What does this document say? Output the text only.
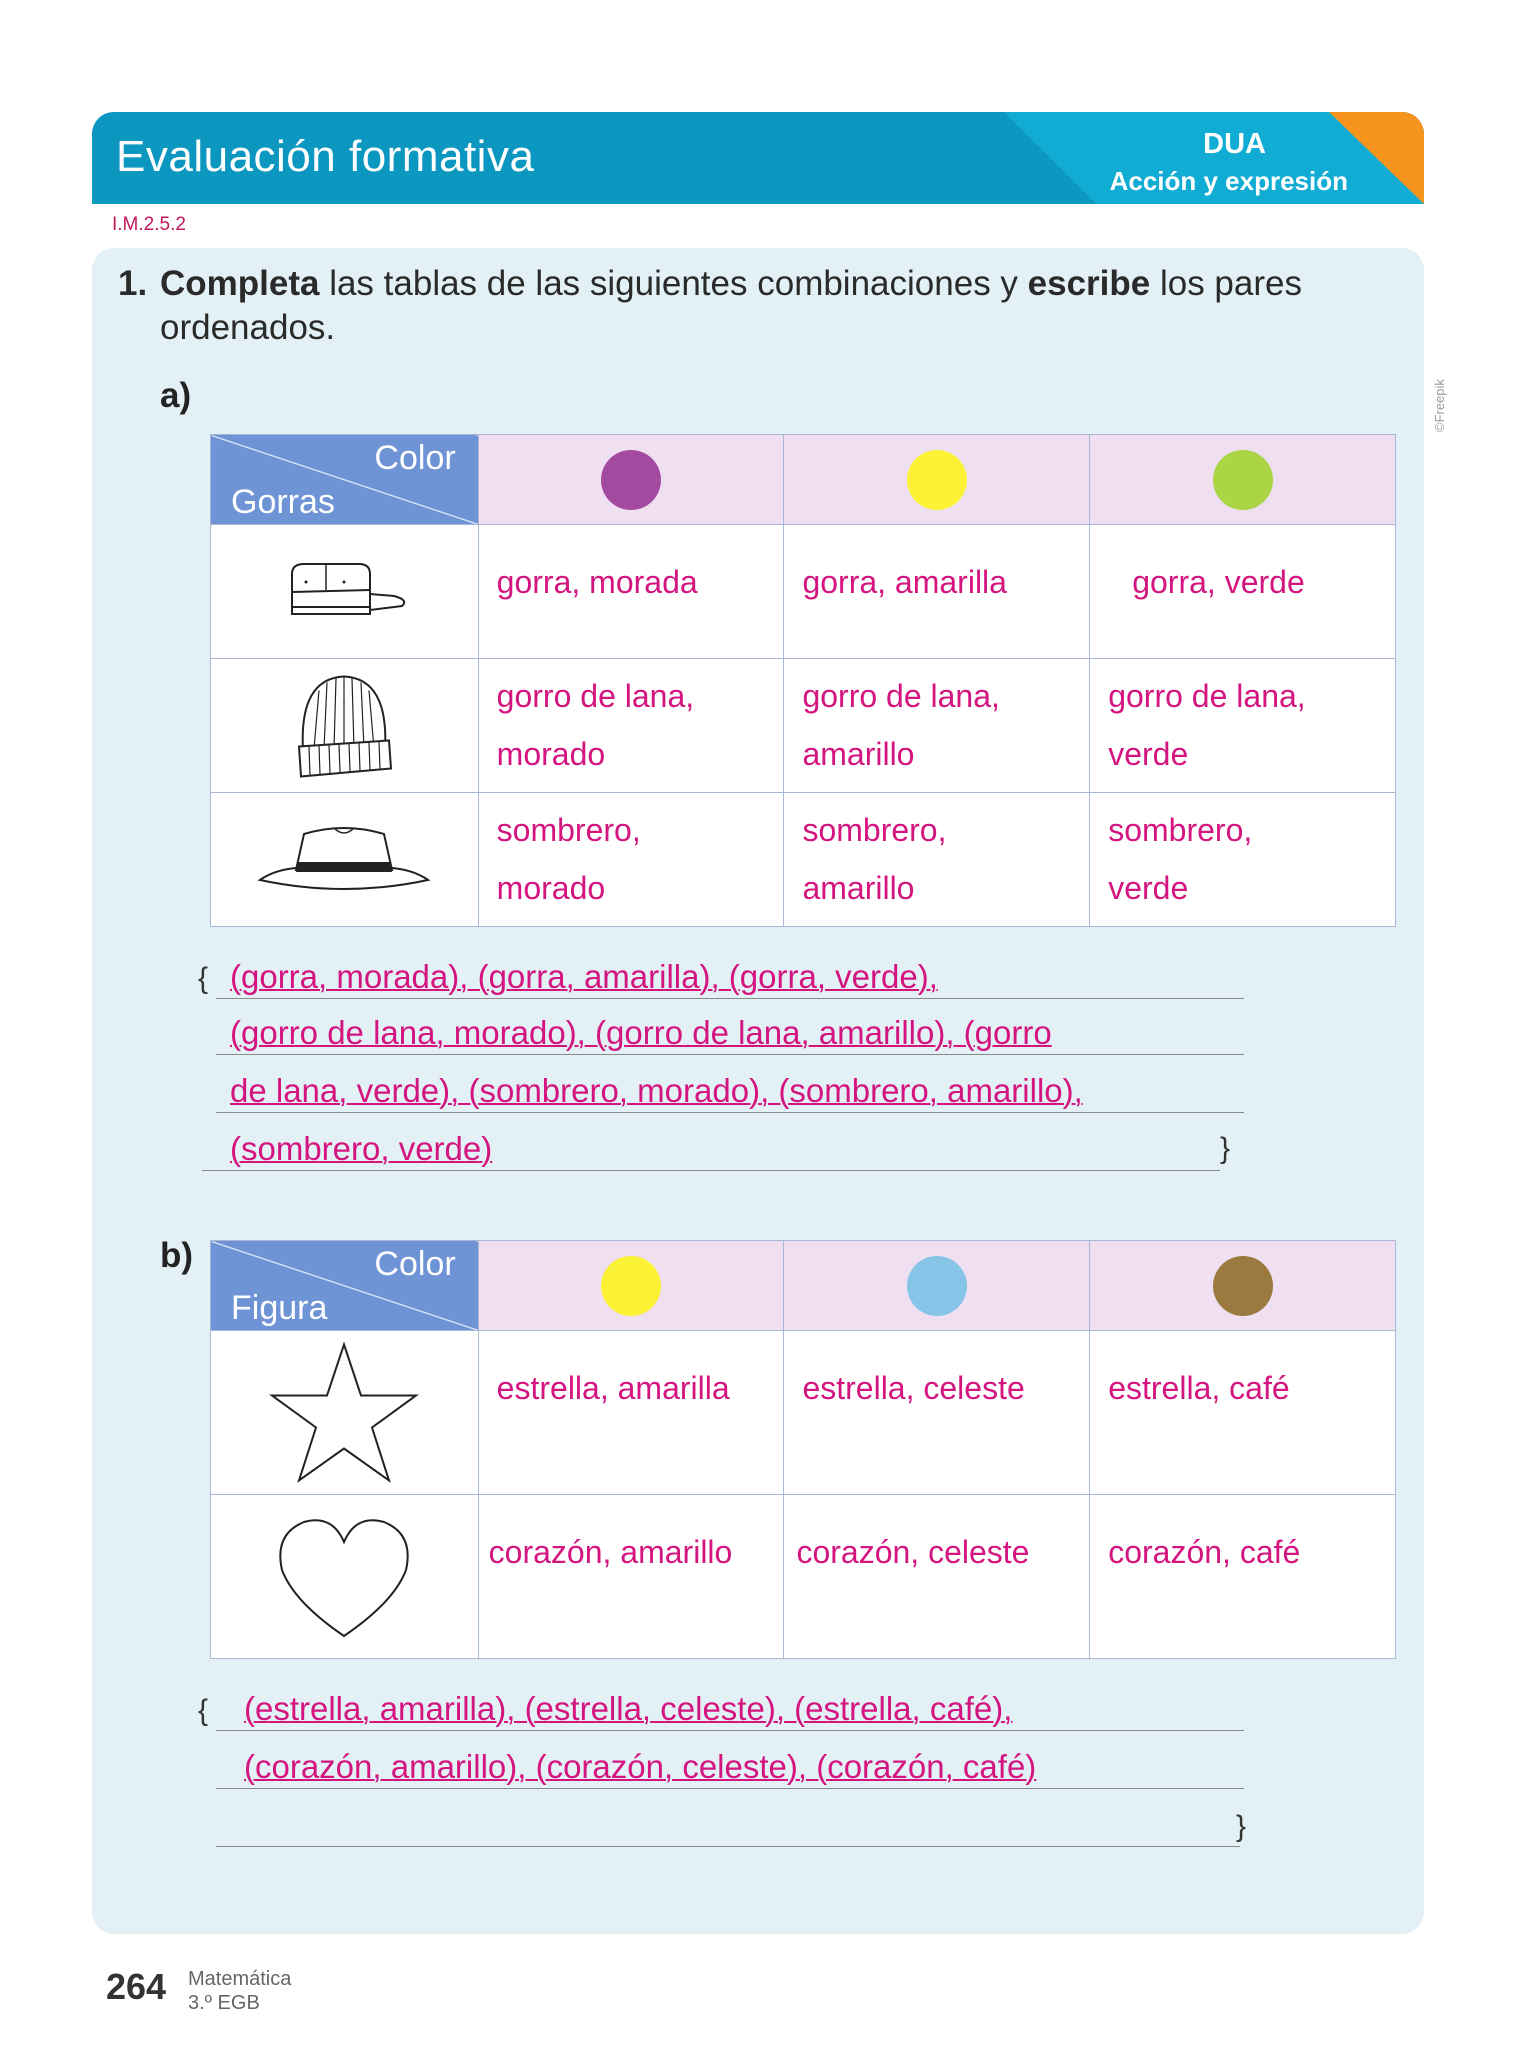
Evaluación formativa	DUA
Acción y expresión
I.M.2.5.2
©Freepik
1. Completa las tablas de las siguientes combinaciones y escribe los pares ordenados.
a)
Color
Gorras			

gorra, morada	gorra, amarilla	gorra, verde

gorro de lana,
morado	gorro de lana,
amarillo	gorro de lana,
verde

sombrero,
morado	sombrero,
amarillo	sombrero,
verde
{ (gorra, morada), (gorra, amarilla), (gorra, verde),
(gorro de lana, morado), (gorro de lana, amarillo), (gorro
de lana, verde), (sombrero, morado), (sombrero, amarillo),
(sombrero, verde)	}
b)	Color
Figura			

estrella, amarilla	estrella, celeste	estrella, café

corazón, amarillo	corazón, celeste	corazón, café
{ (estrella, amarilla), (estrella, celeste), (estrella, café),
(corazón, amarillo), (corazón, celeste), (corazón, café)
}
264 Matemática
3.º EGB
